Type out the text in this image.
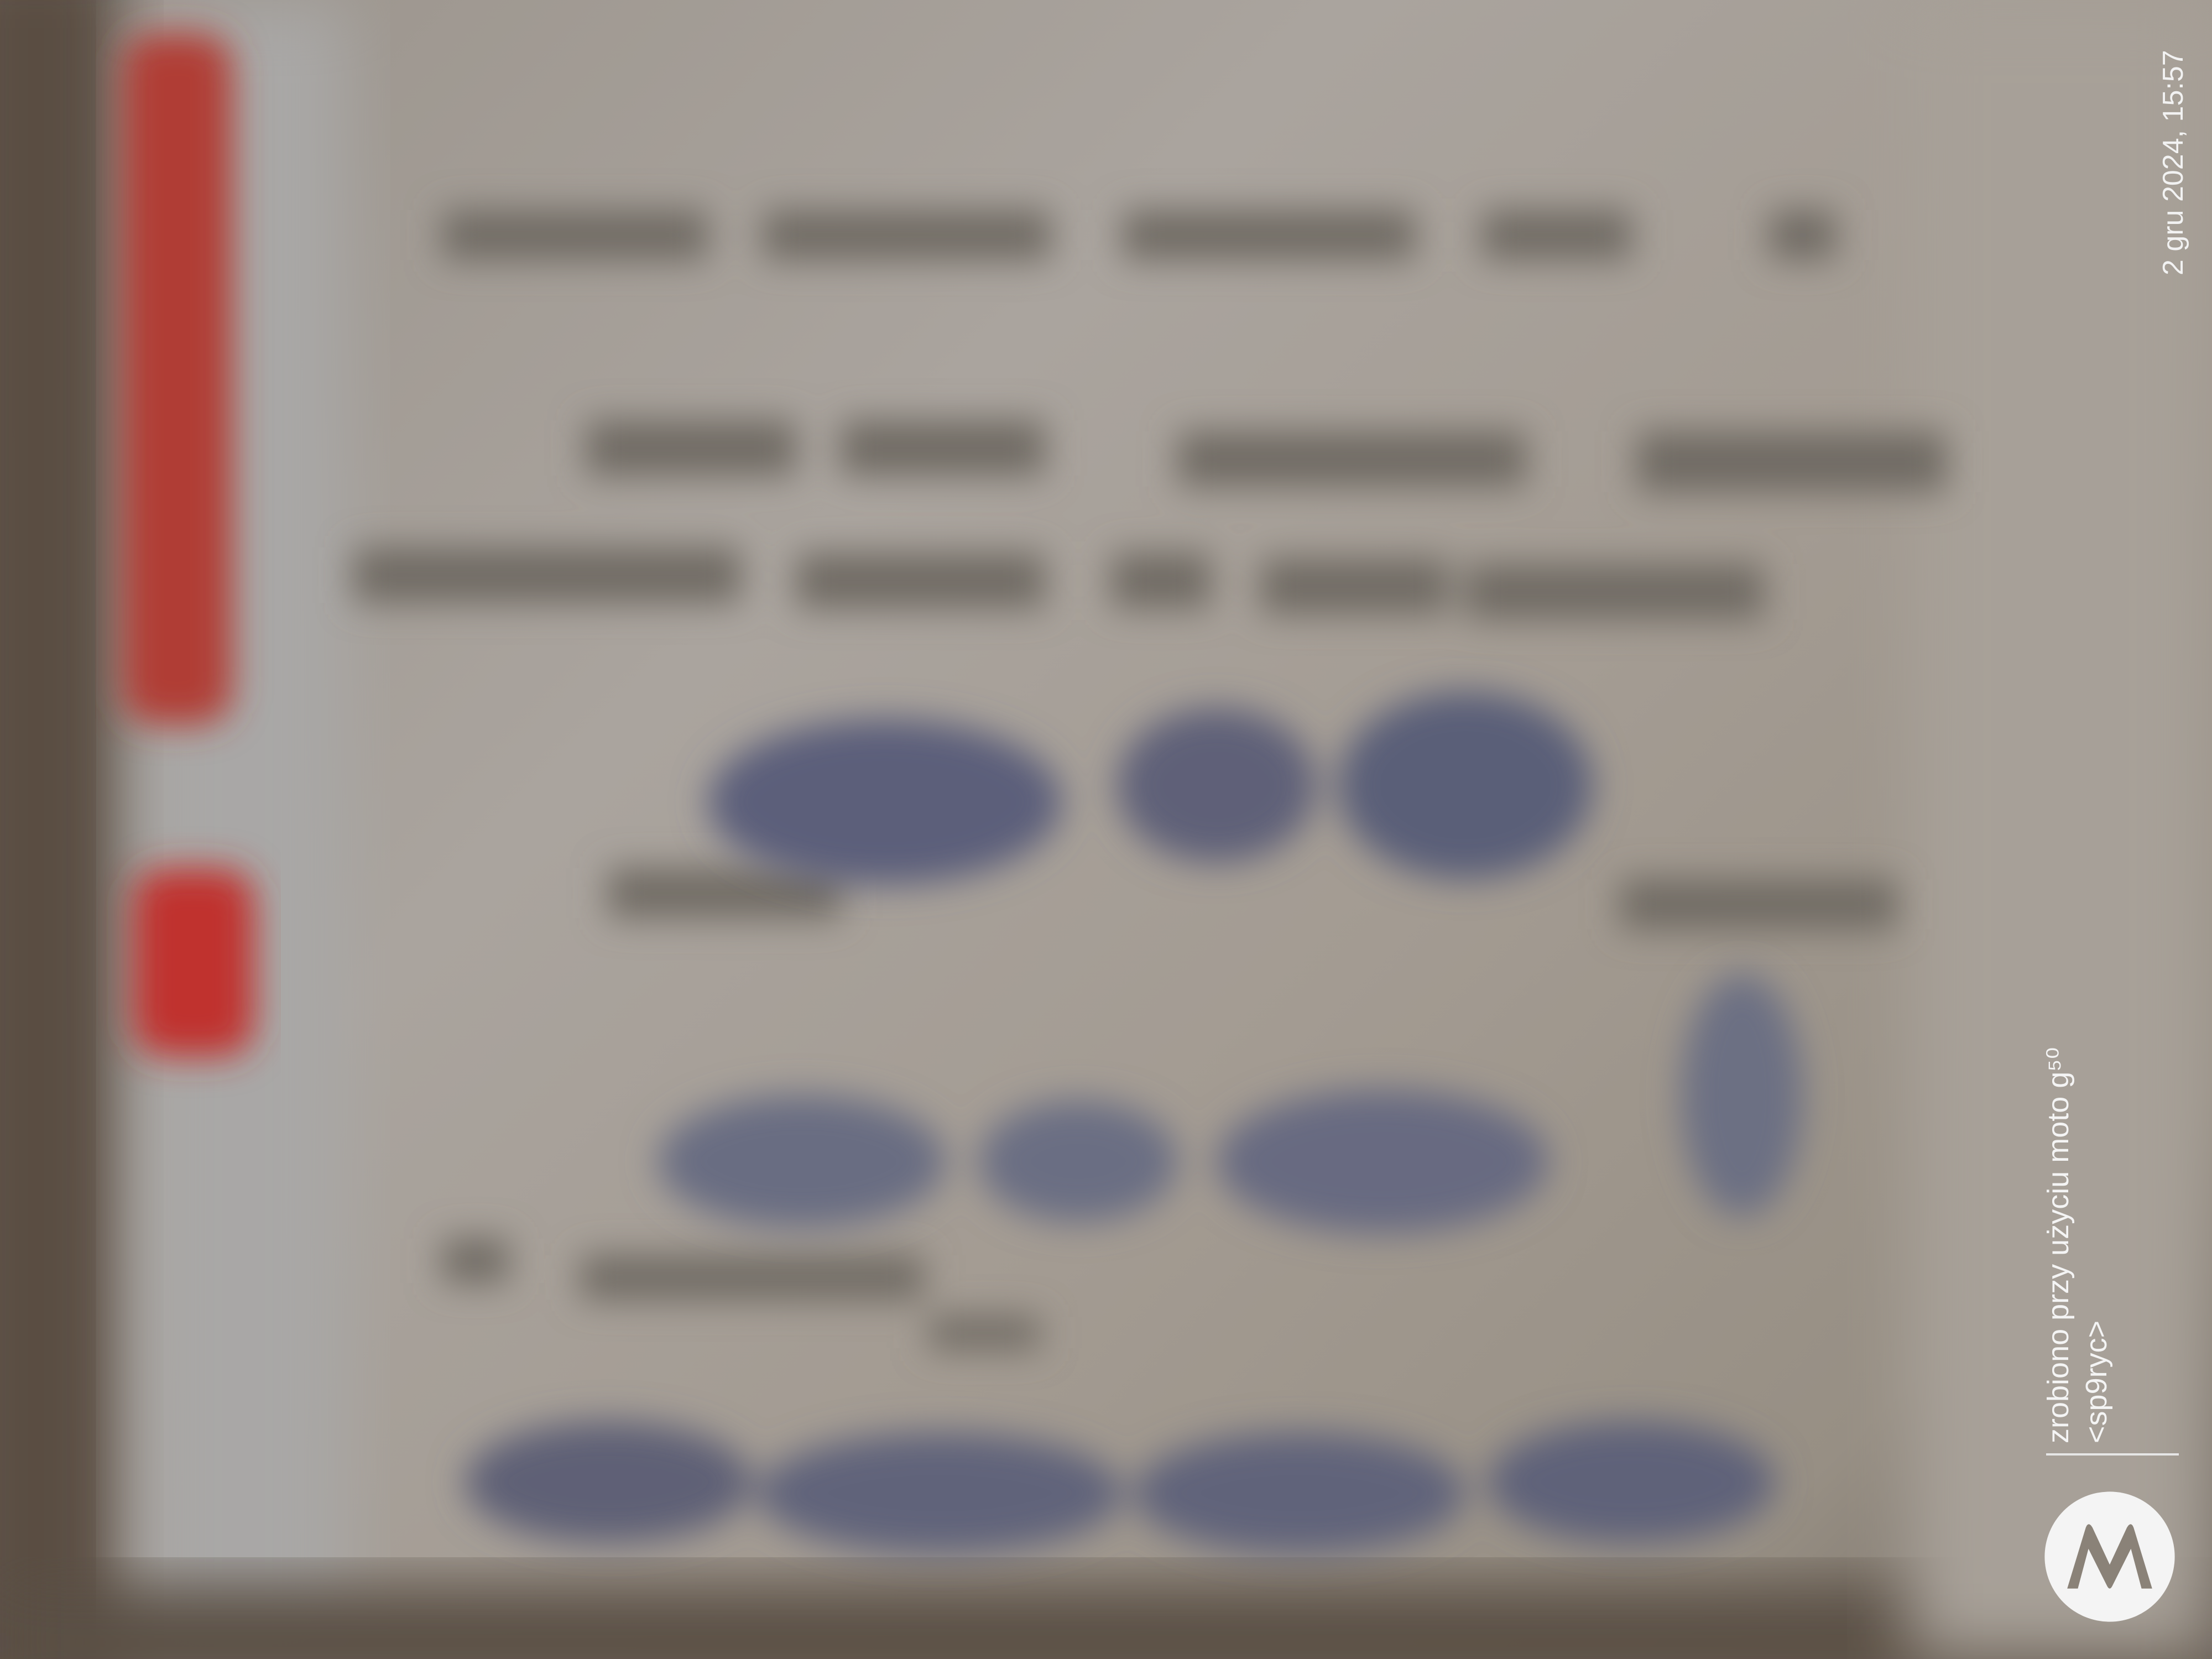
2 gru 2024, 15:57
zrobiono przy użyciu moto g⁵⁰ <sp9ryc>
